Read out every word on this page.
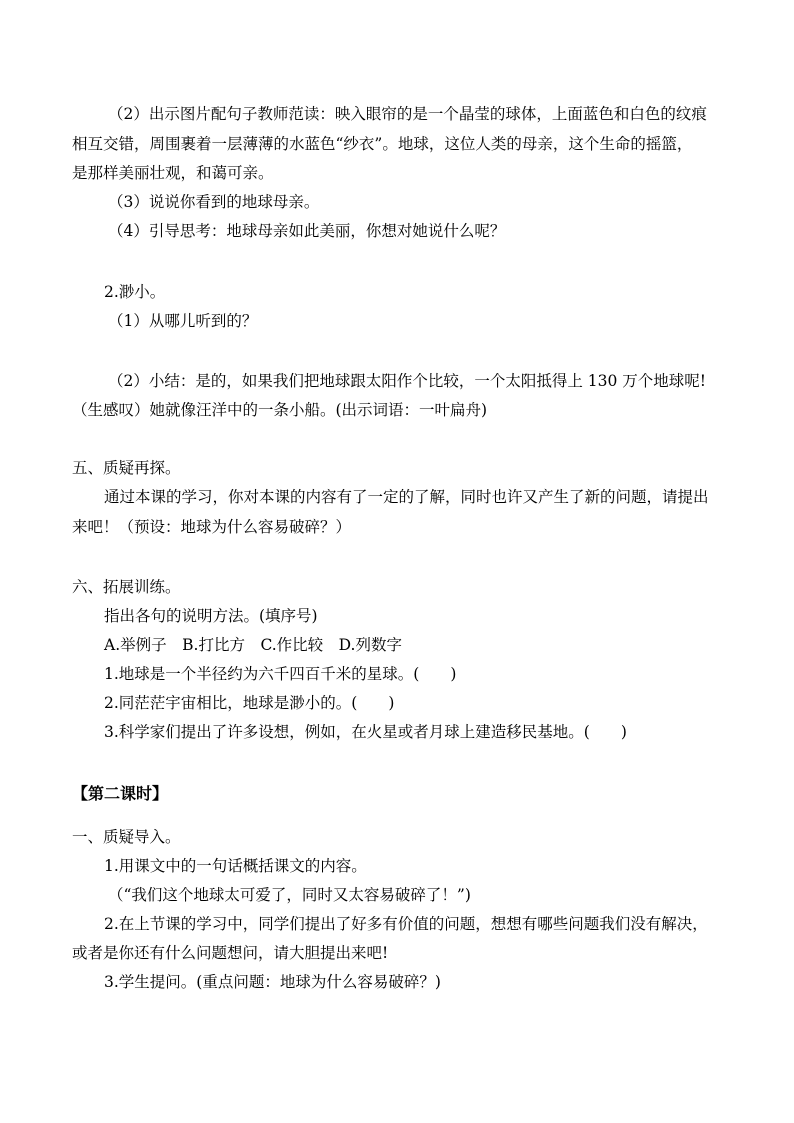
（2）出示图片配句子教师范读：映入眼帘的是一个晶莹的球体，上面蓝色和白色的纹痕
相互交错，周围裹着一层薄薄的水蓝色“纱衣”。地球，这位人类的母亲，这个生命的摇篮，
是那样美丽壮观，和蔼可亲。
（3）说说你看到的地球母亲。
（4）引导思考：地球母亲如此美丽，你想对她说什么呢？
2.渺小。
（1）从哪儿听到的？
（2）小结：是的，如果我们把地球跟太阳作个比较，一个太阳抵得上 130 万个地球呢!
（生感叹）她就像汪洋中的一条小船。(出示词语：一叶扁舟)
五、质疑再探。
通过本课的学习，你对本课的内容有了一定的了解，同时也许又产生了新的问题，请提出
来吧！（预设：地球为什么容易破碎？）
六、拓展训练。
指出各句的说明方法。(填序号)
A.举例子　B.打比方　C.作比较　D.列数字
1.地球是一个半径约为六千四百千米的星球。(　　)
2.同茫茫宇宙相比，地球是渺小的。(　　)
3.科学家们提出了许多设想，例如，在火星或者月球上建造移民基地。(　　)
【第二课时】
一、质疑导入。
1.用课文中的一句话概括课文的内容。
（“我们这个地球太可爱了，同时又太容易破碎了！”)
2.在上节课的学习中，同学们提出了好多有价值的问题，想想有哪些问题我们没有解决，
或者是你还有什么问题想问，请大胆提出来吧!
3.学生提问。(重点问题：地球为什么容易破碎？)
